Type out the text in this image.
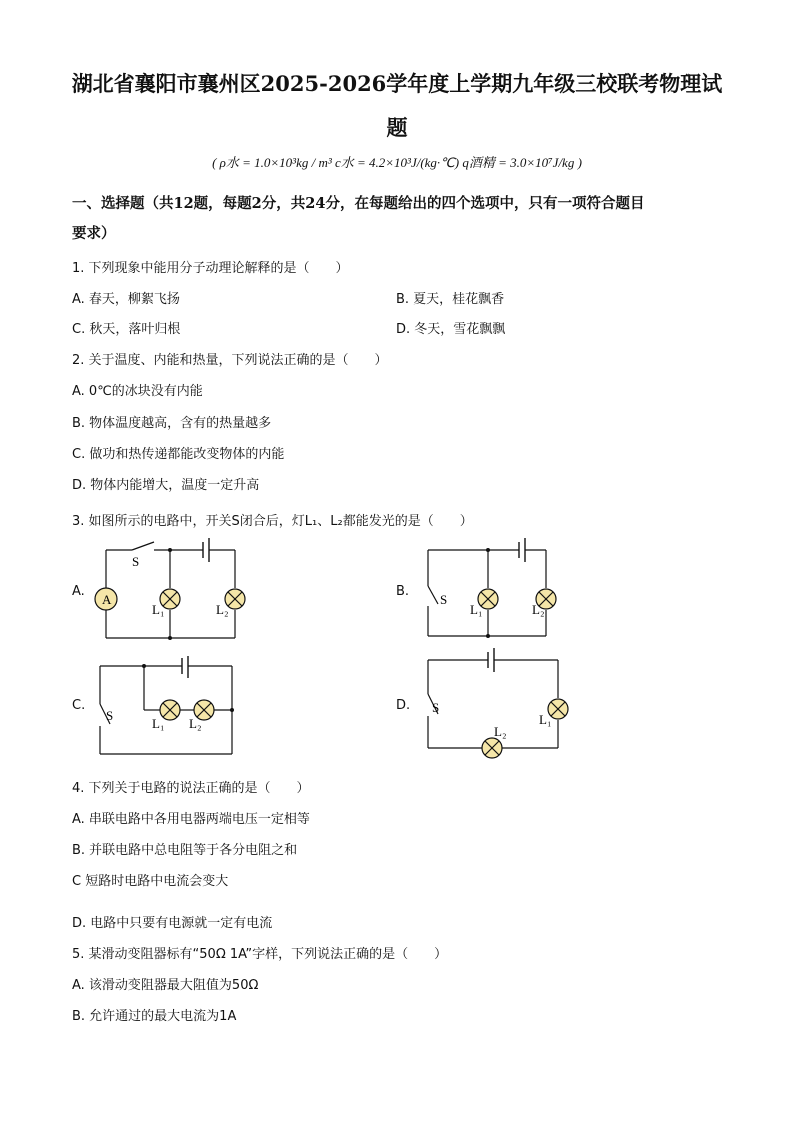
湖北省襄阳市襄州区2025-2026学年度上学期九年级三校联考物理试
题
( ρ水 = 1.0×10³kg / m³ c水 = 4.2×10³J/(kg·℃) q酒精 = 3.0×10⁷J/kg )
一、选择题（共12题，每题2分，共24分，在每题给出的四个选项中，只有一项符合题目
要求）
1. 下列现象中能用分子动理论解释的是（　　）
A. 春天，柳絮飞扬	B. 夏天，桂花飘香
C. 秋天，落叶归根	D. 冬天，雪花飘飘
2. 关于温度、内能和热量，下列说法正确的是（　　）
A. 0℃的冰块没有内能
B. 物体温度越高，含有的热量越多
C. 做功和热传递都能改变物体的内能
D. 物体内能增大，温度一定升高
3. 如图所示的电路中，开关S闭合后，灯L₁、L₂都能发光的是（　　）
A.	B.
C.	D.
A
S
L₁	L₂
S
L₁	L₂
S
L₁ L₂
S
L₁
L₂
4. 下列关于电路的说法正确的是（　　）
A. 串联电路中各用电器两端电压一定相等
B. 并联电路中总电阻等于各分电阻之和
C 短路时电路中电流会变大
D. 电路中只要有电源就一定有电流
5. 某滑动变阻器标有“50Ω 1A”字样，下列说法正确的是（　　）
A. 该滑动变阻器最大阻值为50Ω
B. 允许通过的最大电流为1A
